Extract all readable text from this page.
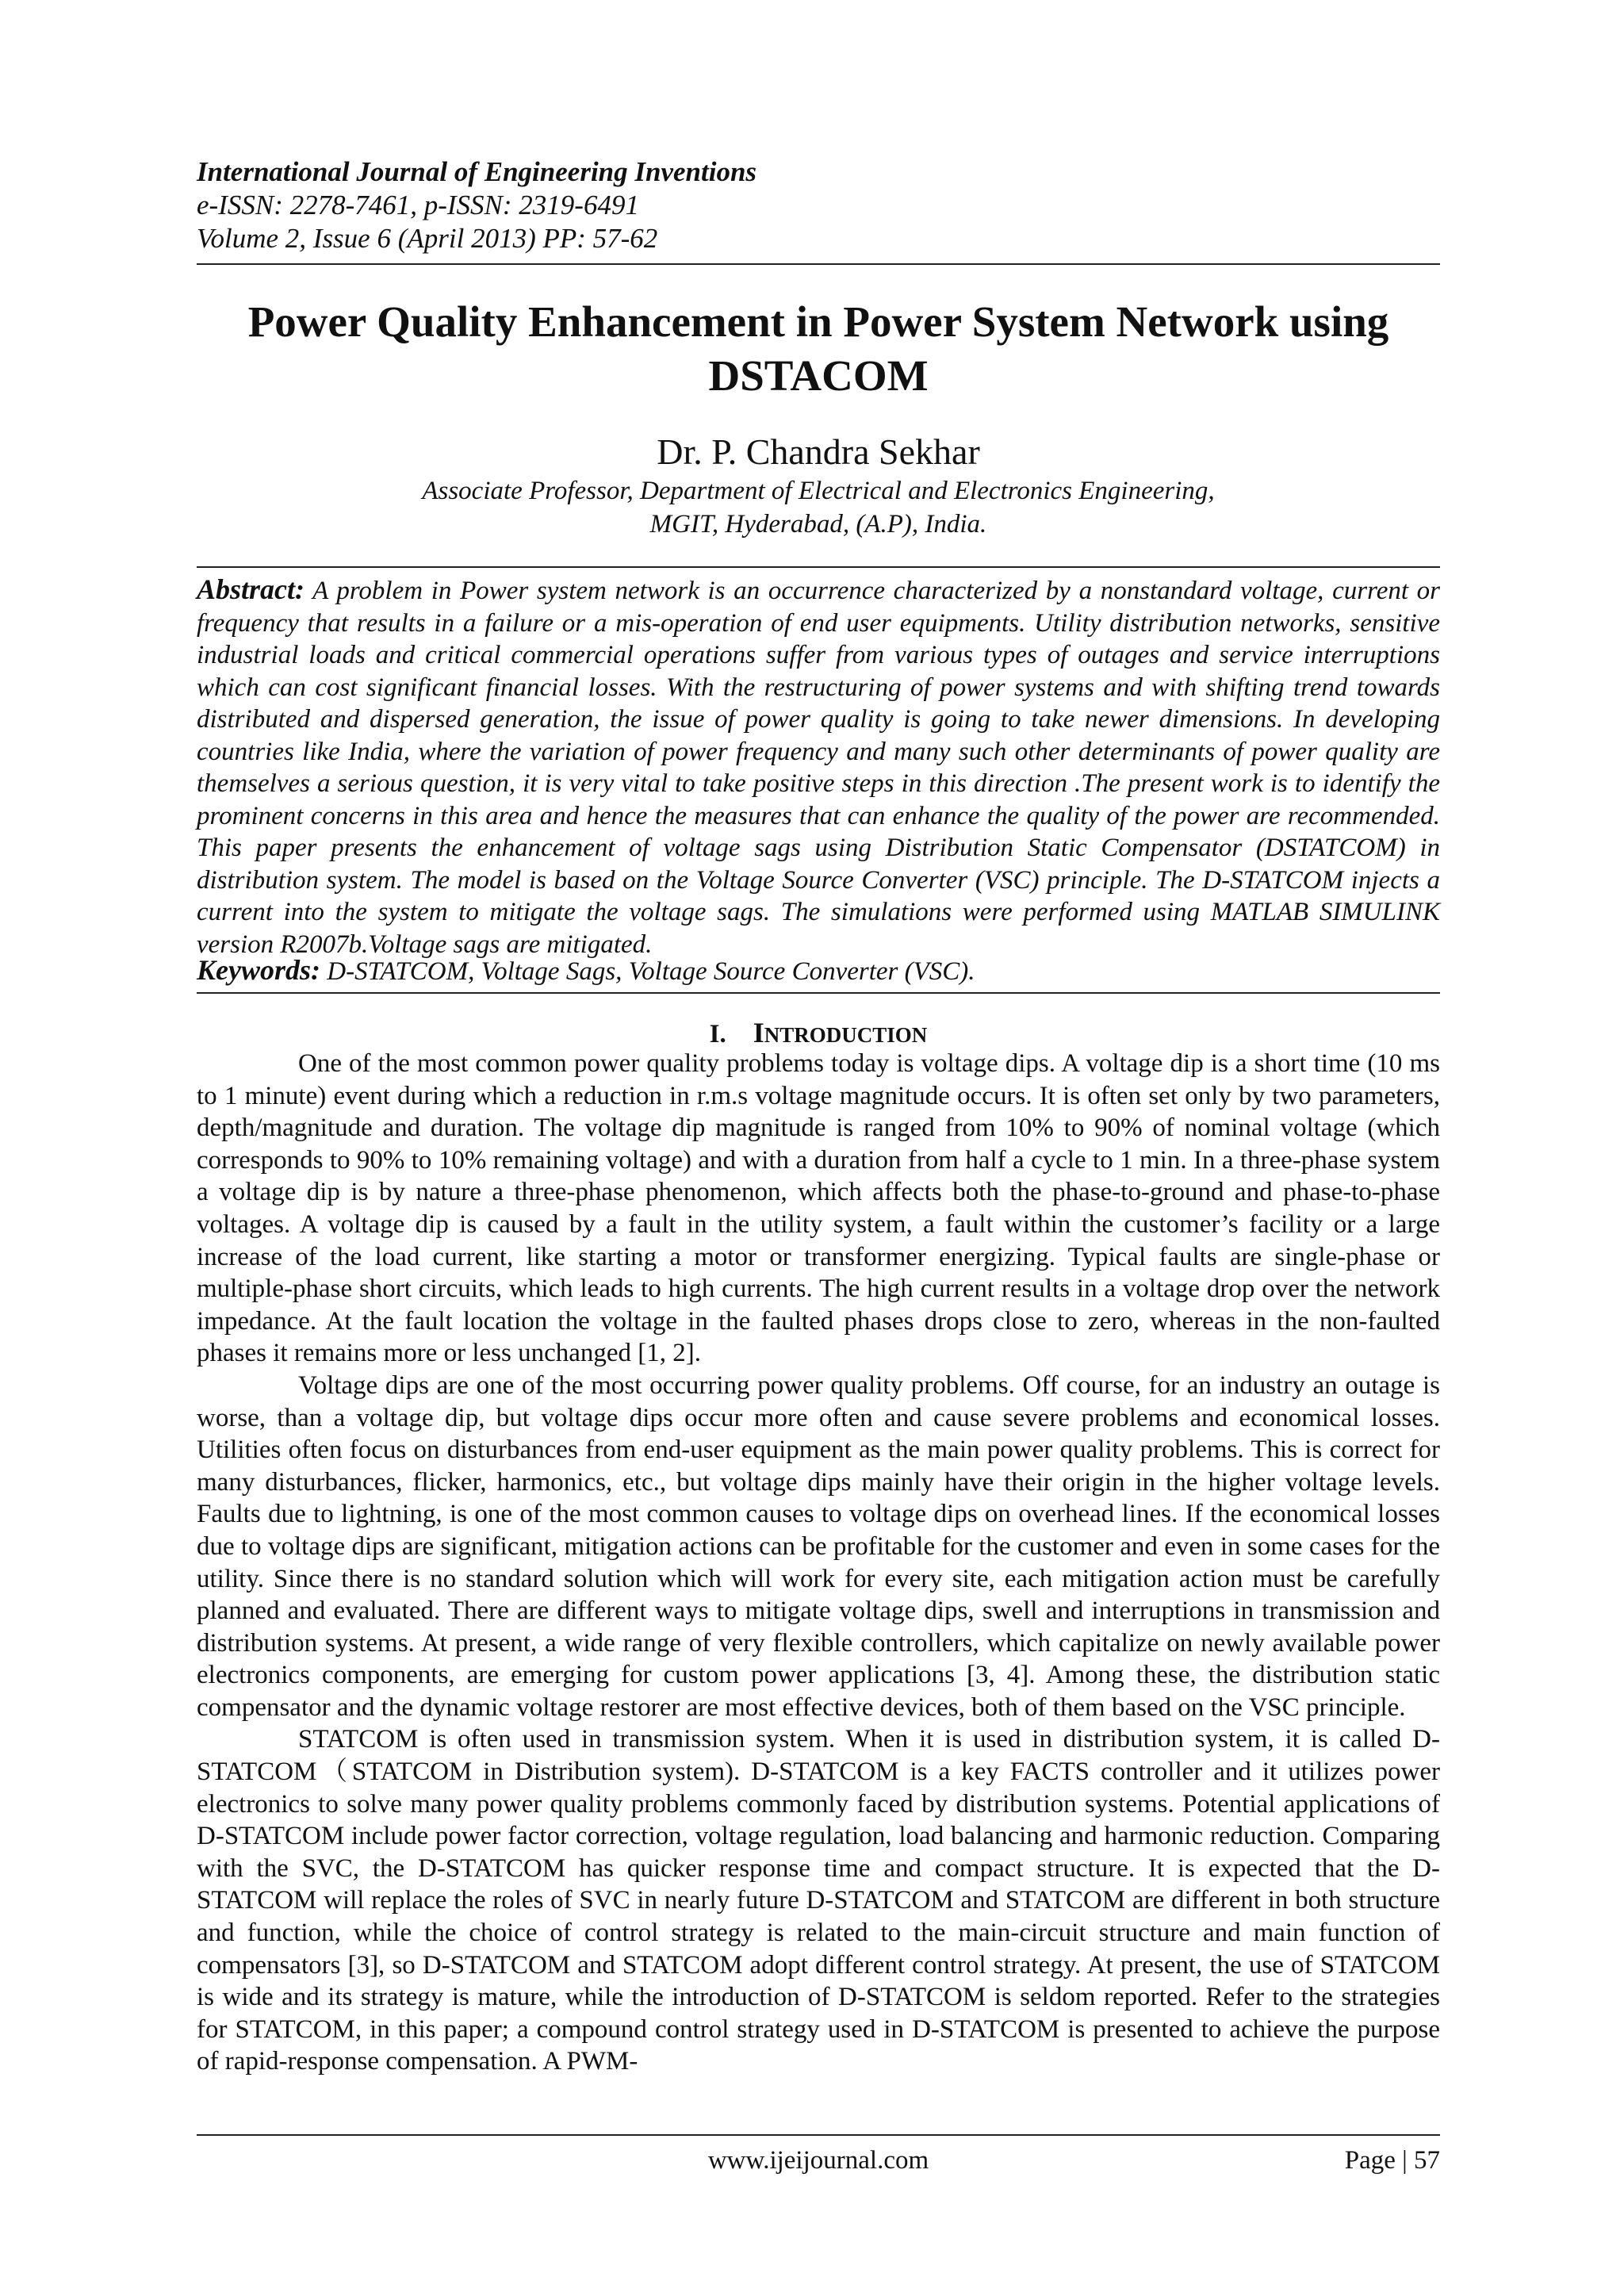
International Journal of Engineering Inventions
e-ISSN: 2278-7461, p-ISSN: 2319-6491
Volume 2, Issue 6 (April 2013) PP: 57-62
Power Quality Enhancement in Power System Network using
DSTACOM
Dr. P. Chandra Sekhar
Associate Professor, Department of Electrical and Electronics Engineering,
MGIT, Hyderabad, (A.P), India.
Abstract: A problem in Power system network is an occurrence characterized by a nonstandard voltage, current or frequency that results in a failure or a mis-operation of end user equipments. Utility distribution networks, sensitive industrial loads and critical commercial operations suffer from various types of outages and service interruptions which can cost significant financial losses. With the restructuring of power systems and with shifting trend towards distributed and dispersed generation, the issue of power quality is going to take newer dimensions. In developing countries like India, where the variation of power frequency and many such other determinants of power quality are themselves a serious question, it is very vital to take positive steps in this direction .The present work is to identify the prominent concerns in this area and hence the measures that can enhance the quality of the power are recommended. This paper presents the enhancement of voltage sags using Distribution Static Compensator (DSTATCOM) in distribution system. The model is based on the Voltage Source Converter (VSC) principle. The D-STATCOM injects a current into the system to mitigate the voltage sags. The simulations were performed using MATLAB SIMULINK version R2007b.Voltage sags are mitigated.
Keywords: D-STATCOM, Voltage Sags, Voltage Source Converter (VSC).
I. INTRODUCTION

One of the most common power quality problems today is voltage dips. A voltage dip is a short time (10 ms to 1 minute) event during which a reduction in r.m.s voltage magnitude occurs. It is often set only by two parameters, depth/magnitude and duration. The voltage dip magnitude is ranged from 10% to 90% of nominal voltage (which corresponds to 90% to 10% remaining voltage) and with a duration from half a cycle to 1 min. In a three-phase system a voltage dip is by nature a three-phase phenomenon, which affects both the phase-to-ground and phase-to-phase voltages. A voltage dip is caused by a fault in the utility system, a fault within the customer’s facility or a large increase of the load current, like starting a motor or transformer energizing. Typical faults are single-phase or multiple-phase short circuits, which leads to high currents. The high current results in a voltage drop over the network impedance. At the fault location the voltage in the faulted phases drops close to zero, whereas in the non-faulted phases it remains more or less unchanged [1, 2].

Voltage dips are one of the most occurring power quality problems. Off course, for an industry an outage is worse, than a voltage dip, but voltage dips occur more often and cause severe problems and economical losses. Utilities often focus on disturbances from end-user equipment as the main power quality problems. This is correct for many disturbances, flicker, harmonics, etc., but voltage dips mainly have their origin in the higher voltage levels. Faults due to lightning, is one of the most common causes to voltage dips on overhead lines. If the economical losses due to voltage dips are significant, mitigation actions can be profitable for the customer and even in some cases for the utility. Since there is no standard solution which will work for every site, each mitigation action must be carefully planned and evaluated. There are different ways to mitigate voltage dips, swell and interruptions in transmission and distribution systems. At present, a wide range of very flexible controllers, which capitalize on newly available power electronics components, are emerging for custom power applications [3, 4]. Among these, the distribution static compensator and the dynamic voltage restorer are most effective devices, both of them based on the VSC principle.

STATCOM is often used in transmission system. When it is used in distribution system, it is called D-STATCOM（STATCOM in Distribution system). D-STATCOM is a key FACTS controller and it utilizes power electronics to solve many power quality problems commonly faced by distribution systems. Potential applications of D-STATCOM include power factor correction, voltage regulation, load balancing and harmonic reduction. Comparing with the SVC, the D-STATCOM has quicker response time and compact structure. It is expected that the D-STATCOM will replace the roles of SVC in nearly future D-STATCOM and STATCOM are different in both structure and function, while the choice of control strategy is related to the main-circuit structure and main function of compensators [3], so D-STATCOM and STATCOM adopt different control strategy. At present, the use of STATCOM is wide and its strategy is mature, while the introduction of D-STATCOM is seldom reported. Refer to the strategies for STATCOM, in this paper; a compound control strategy used in D-STATCOM is presented to achieve the purpose of rapid-response compensation. A PWM-

www.ijeijournal.com	Page | 57
